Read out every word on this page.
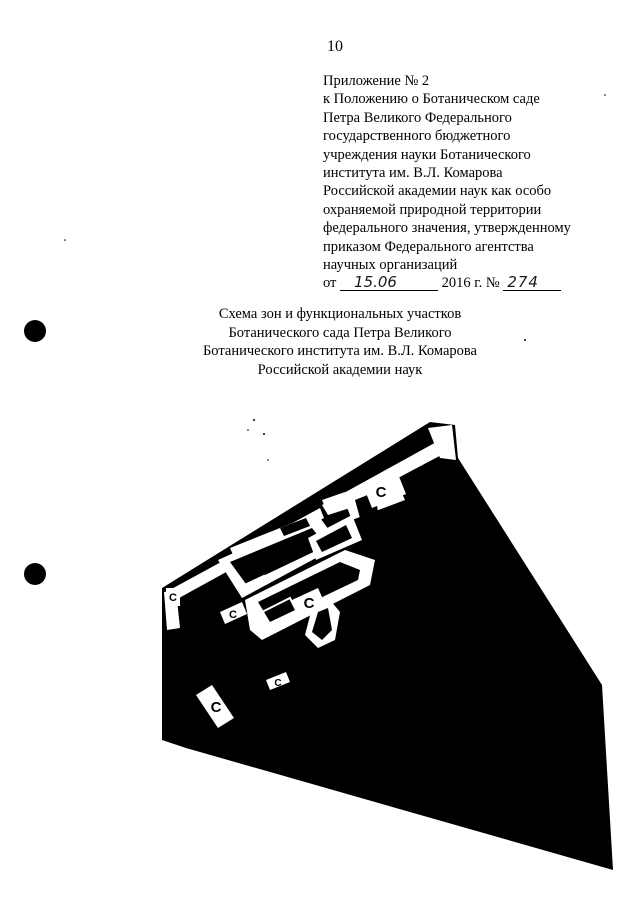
10
Приложение № 2
к Положению о Ботаническом саде
Петра Великого Федерального
государственного бюджетного
учреждения науки Ботанического
института им. В.Л. Комарова
Российской академии наук как особо
охраняемой природной территории
федерального значения, утвержденному
приказом Федерального агентства
научных организаций
от 15.06	2016 г. № 274
Схема зон и функциональных участков
Ботанического сада Петра Великого
Ботанического института им. В.Л. Комарова
Российской академии наук
С
С
С
С
С
С
